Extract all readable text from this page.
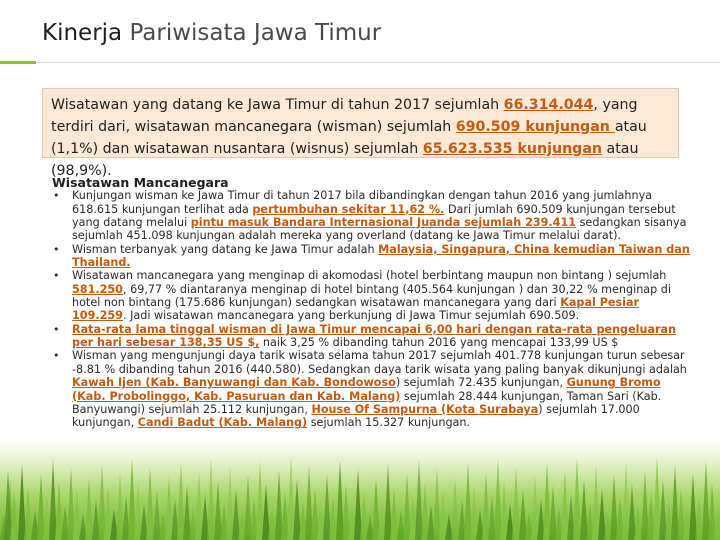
Kinerja Pariwisata Jawa Timur
Wisatawan yang datang ke Jawa Timur di tahun 2017 sejumlah 66.314.044, yang terdiri dari, wisatawan mancanegara (wisman) sejumlah 690.509 kunjungan atau (1,1%) dan wisatawan nusantara (wisnus) sejumlah 65.623.535 kunjungan atau (98,9%).
Wisatawan Mancanegara
• Kunjungan wisman ke Jawa Timur di tahun 2017 bila dibandingkan dengan tahun 2016 yang jumlahnya 618.615 kunjungan terlihat ada pertumbuhan sekitar 11,62 %. Dari jumlah 690.509 kunjungan tersebut yang datang melalui pintu masuk Bandara Internasional Juanda sejumlah 239.411 sedangkan sisanya sejumlah 451.098 kunjungan adalah mereka yang overland (datang ke Jawa Timur melalui darat).
• Wisman terbanyak yang datang ke Jawa Timur adalah Malaysia, Singapura, China kemudian Taiwan dan Thailand.
• Wisatawan mancanegara yang menginap di akomodasi (hotel berbintang maupun non bintang ) sejumlah 581.250, 69,77 % diantaranya menginap di hotel bintang (405.564 kunjungan ) dan 30,22 % menginap di hotel non bintang (175.686 kunjungan) sedangkan wisatawan mancanegara yang dari Kapal Pesiar 109.259. Jadi wisatawan mancanegara yang berkunjung di Jawa Timur sejumlah 690.509.
• Rata-rata lama tinggal wisman di Jawa Timur mencapai 6,00 hari dengan rata-rata pengeluaran per hari sebesar 138,35 US $, naik 3,25 % dibanding tahun 2016 yang mencapai 133,99 US $
• Wisman yang mengunjungi daya tarik wisata selama tahun 2017 sejumlah 401.778 kunjungan turun sebesar -8.81 % dibanding tahun 2016 (440.580). Sedangkan daya tarik wisata yang paling banyak dikunjungi adalah Kawah Ijen (Kab. Banyuwangi dan Kab. Bondowoso) sejumlah 72.435 kunjungan, Gunung Bromo (Kab. Probolinggo, Kab. Pasuruan dan Kab. Malang) sejumlah 28.444 kunjungan, Taman Sari (Kab. Banyuwangi) sejumlah 25.112 kunjungan, House Of Sampurna (Kota Surabaya) sejumlah 17.000 kunjungan, Candi Badut (Kab. Malang) sejumlah 15.327 kunjungan.
